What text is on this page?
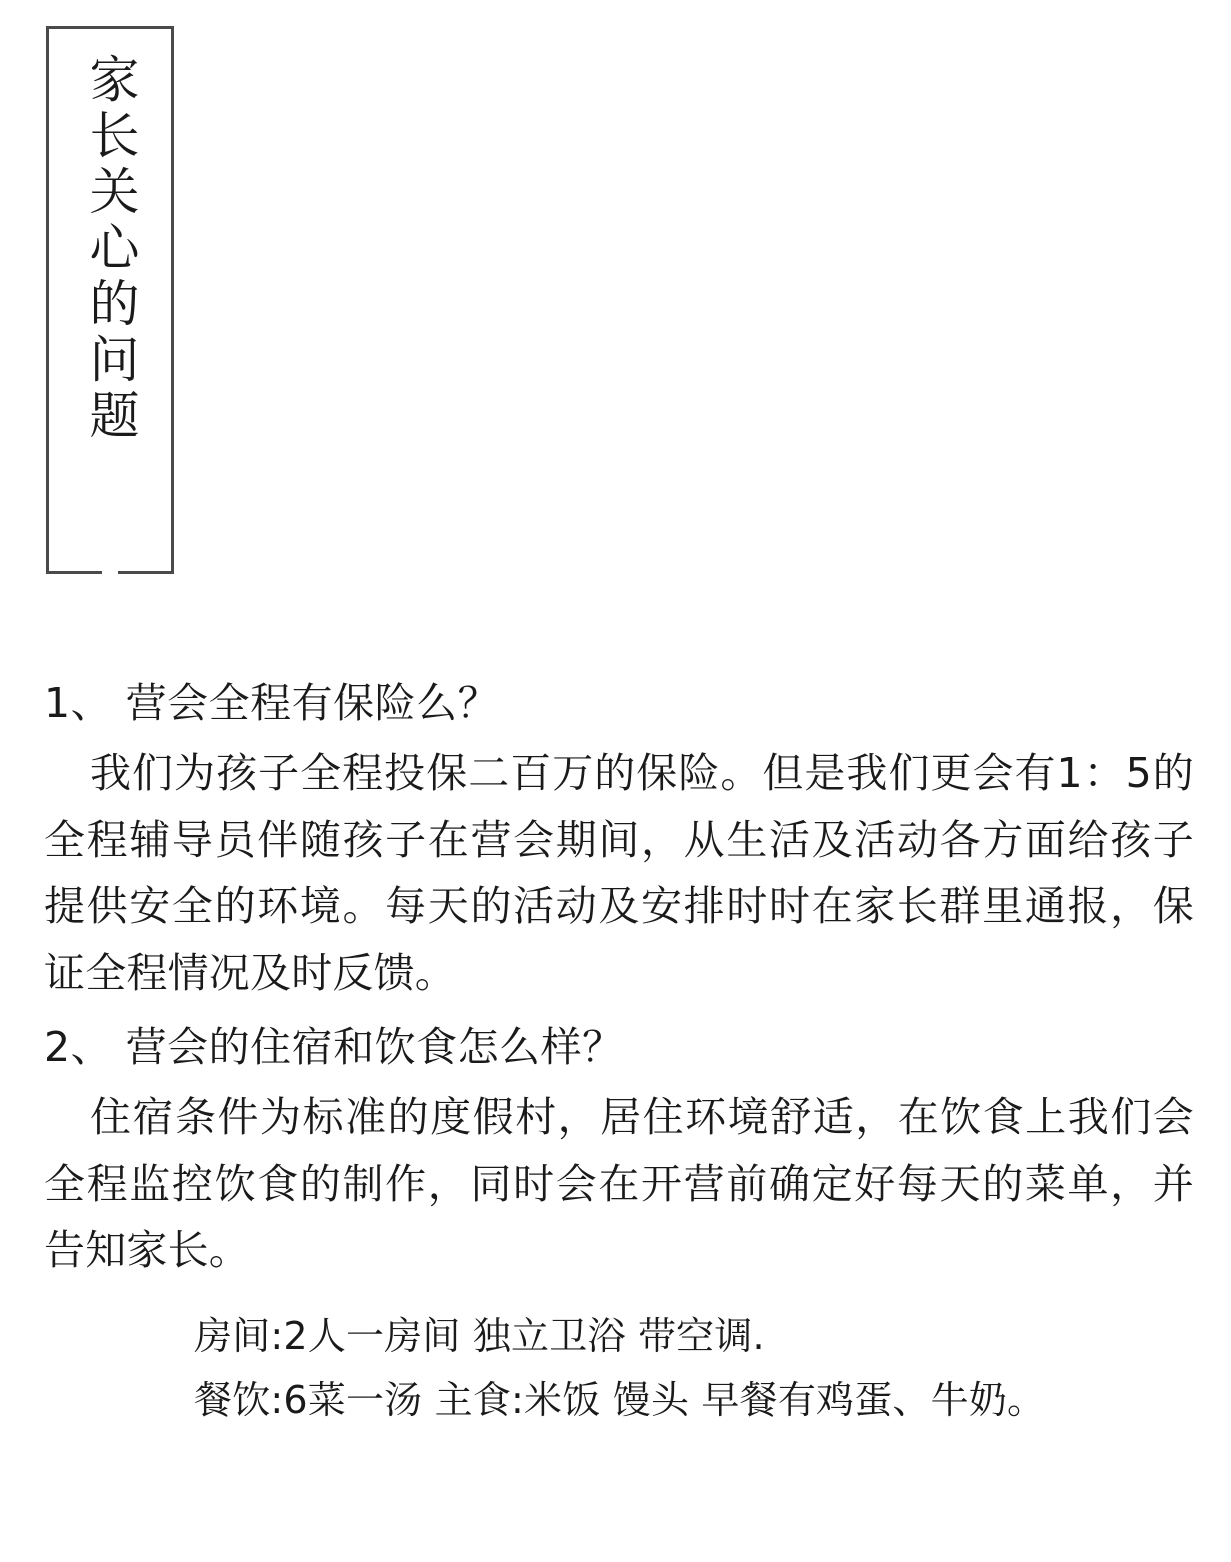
家长关心的问题

1、 营会全程有保险么？

我们为孩子全程投保二百万的保险。但是我们更会有1：5的全程辅导员伴随孩子在营会期间，从生活及活动各方面给孩子提供安全的环境。每天的活动及安排时时在家长群里通报，保证全程情况及时反馈。

2、 营会的住宿和饮食怎么样？

住宿条件为标准的度假村，居住环境舒适，在饮食上我们会全程监控饮食的制作，同时会在开营前确定好每天的菜单，并告知家长。

房间:2人一房间 独立卫浴 带空调.

餐饮:6菜一汤 主食:米饭 馒头 早餐有鸡蛋、牛奶。
